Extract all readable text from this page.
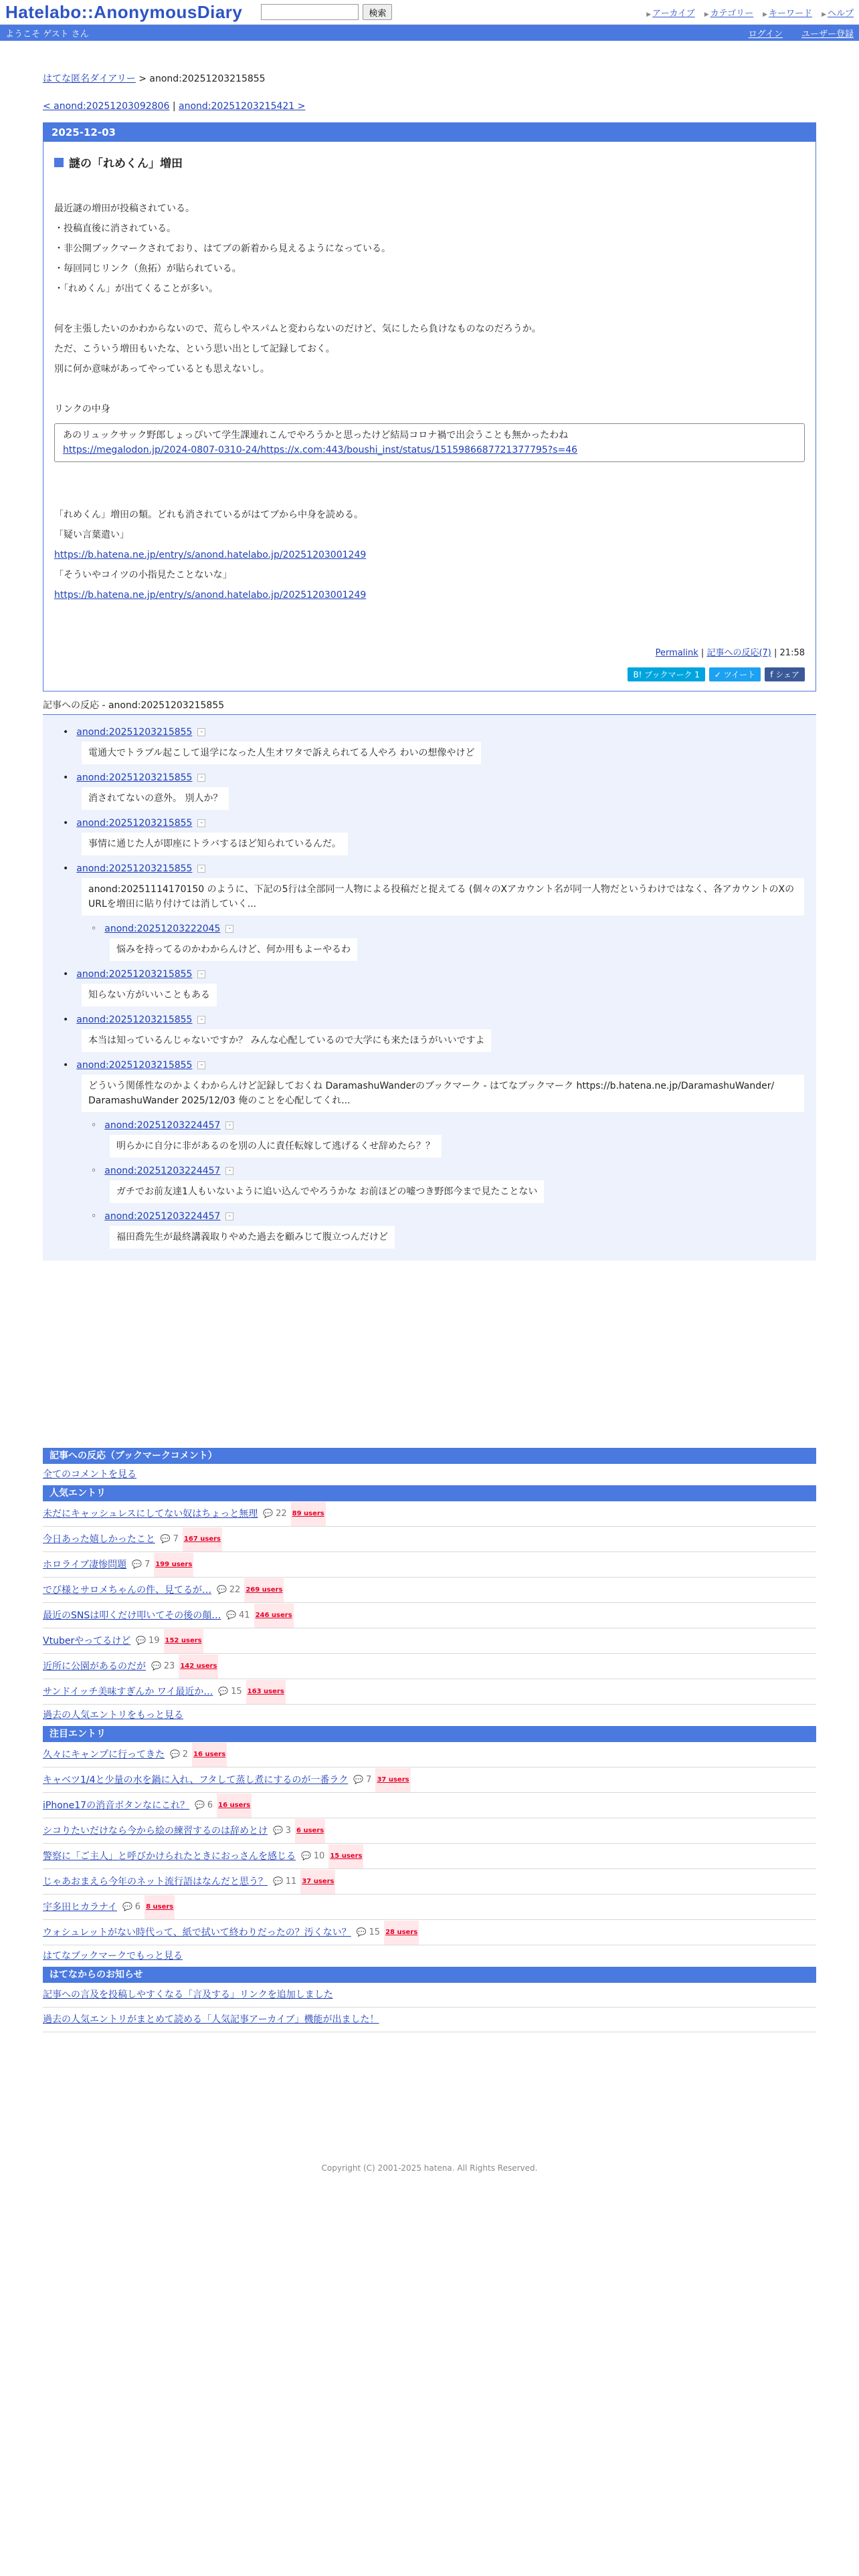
Hatelabo::AnonymousDiary	検索	▶ アーカイブ ▶ カテゴリー ▶ キーワード ▶ ヘルプ
ようこそ ゲスト さん	ログイン ユーザー登録
はてな匿名ダイアリー > anond:20251203215855
< anond:20251203092806 | anond:20251203215421 >
2025-12-03
謎の「れめくん」増田

最近謎の増田が投稿されている。

・投稿直後に消されている。

・非公開ブックマークされており、はてブの新着から見えるようになっている。

・毎回同じリンク（魚拓）が貼られている。

・「れめくん」が出てくることが多い。

何を主張したいのかわからないので、荒らしやスパムと変わらないのだけど、気にしたら負けなものなのだろうか。

ただ、こういう増田もいたな、という思い出として記録しておく。

別に何か意味があってやっているとも思えないし。

リンクの中身

あのリュックサック野郎しょっぴいて学生課連れこんでやろうかと思ったけど結局コロナ禍で出会うことも無かったわね
https://megalodon.jp/2024-0807-0310-24/https://x.com:443/boushi_inst/status/1515986687721377795?s=46

「れめくん」増田の類。どれも消されているがはてブから中身を読める。

「疑い言葉遣い」

https://b.hatena.ne.jp/entry/s/anond.hatelabo.jp/20251203001249

「そういやコイツの小指見たことないな」

https://b.hatena.ne.jp/entry/s/anond.hatelabo.jp/20251203001249

Permalink | 記事への反応(7) | 21:58
B! ブックマーク 1	✓ ツイート	f シェア
記事への反応 - anond:20251203215855
• anond:20251203215855	-
電通大でトラブル起こして退学になった人生オワタで訴えられてる人やろ わいの想像やけど
• anond:20251203215855	-
消されてないの意外。 別人か？
• anond:20251203215855	-
事情に通じた人が即座にトラバするほど知られているんだ。
• anond:20251203215855	-
anond:20251114170150 のように、下記の5行は全部同一人物による投稿だと捉えてる (個々のXアカウント名が同一人物だというわけではなく、各アカウントのXのURLを増田に貼り付けては消していく...
◦ anond:20251203222045	-
悩みを持ってるのかわからんけど、何か用もよーやるわ
• anond:20251203215855	-
知らない方がいいこともある
• anond:20251203215855	-
本当は知っているんじゃないですか？ みんな心配しているので大学にも来たほうがいいですよ
• anond:20251203215855	-
どういう関係性なのかよくわからんけど記録しておくね DaramashuWanderのブックマーク - はてなブックマーク https://b.hatena.ne.jp/DaramashuWander/ DaramashuWander 2025/12/03 俺のことを心配してくれ...
◦ anond:20251203224457	-
明らかに自分に非があるのを別の人に責任転嫁して逃げるくせ辞めたら？？
◦ anond:20251203224457	-
ガチでお前友達1人もいないように追い込んでやろうかな お前ほどの嘘つき野郎今まで見たことない
◦ anond:20251203224457	-
福田喬先生が最終講義取りやめた過去を顧みじて腹立つんだけど
記事への反応（ブックマークコメント）
全てのコメントを見る
人気エントリ
未だにキャッシュレスにしてない奴はちょっと無理 💬 22 89 users
今日あった嬉しかったこと 💬 7 167 users
ホロライブ凄惨問題 💬 7 199 users
でび様とサロメちゃんの件、見てるが… 💬 22 269 users
最近のSNSは叩くだけ叩いてその後の顛… 💬 41 246 users
Vtuberやってるけど 💬 19 152 users
近所に公園があるのだが 💬 23 142 users
サンドイッチ美味すぎんか ワイ最近か… 💬 15 163 users
過去の人気エントリをもっと見る
注目エントリ
久々にキャンプに行ってきた 💬 2 16 users
キャベツ1/4と少量の水を鍋に入れ、フタして蒸し煮にするのが一番ラク 💬 7 37 users
iPhone17の消音ボタンなにこれ？ 💬 6 16 users
シコりたいだけなら今から絵の練習するのは辞めとけ 💬 3 6 users
警察に「ご主人」と呼びかけられたときにおっさんを感じる 💬 10 15 users
じゃあおまえら今年のネット流行語はなんだと思う？ 💬 11 37 users
宇多田ヒカラナイ 💬 6 8 users
ウォシュレットがない時代って、紙で拭いて終わりだったの？汚くない？ 💬 15 28 users
はてなブックマークでもっと見る
はてなからのお知らせ
記事への言及を投稿しやすくなる「言及する」リンクを追加しました
過去の人気エントリがまとめて読める「人気記事アーカイブ」機能が出ました！
Copyright (C) 2001-2025 hatena. All Rights Reserved.
